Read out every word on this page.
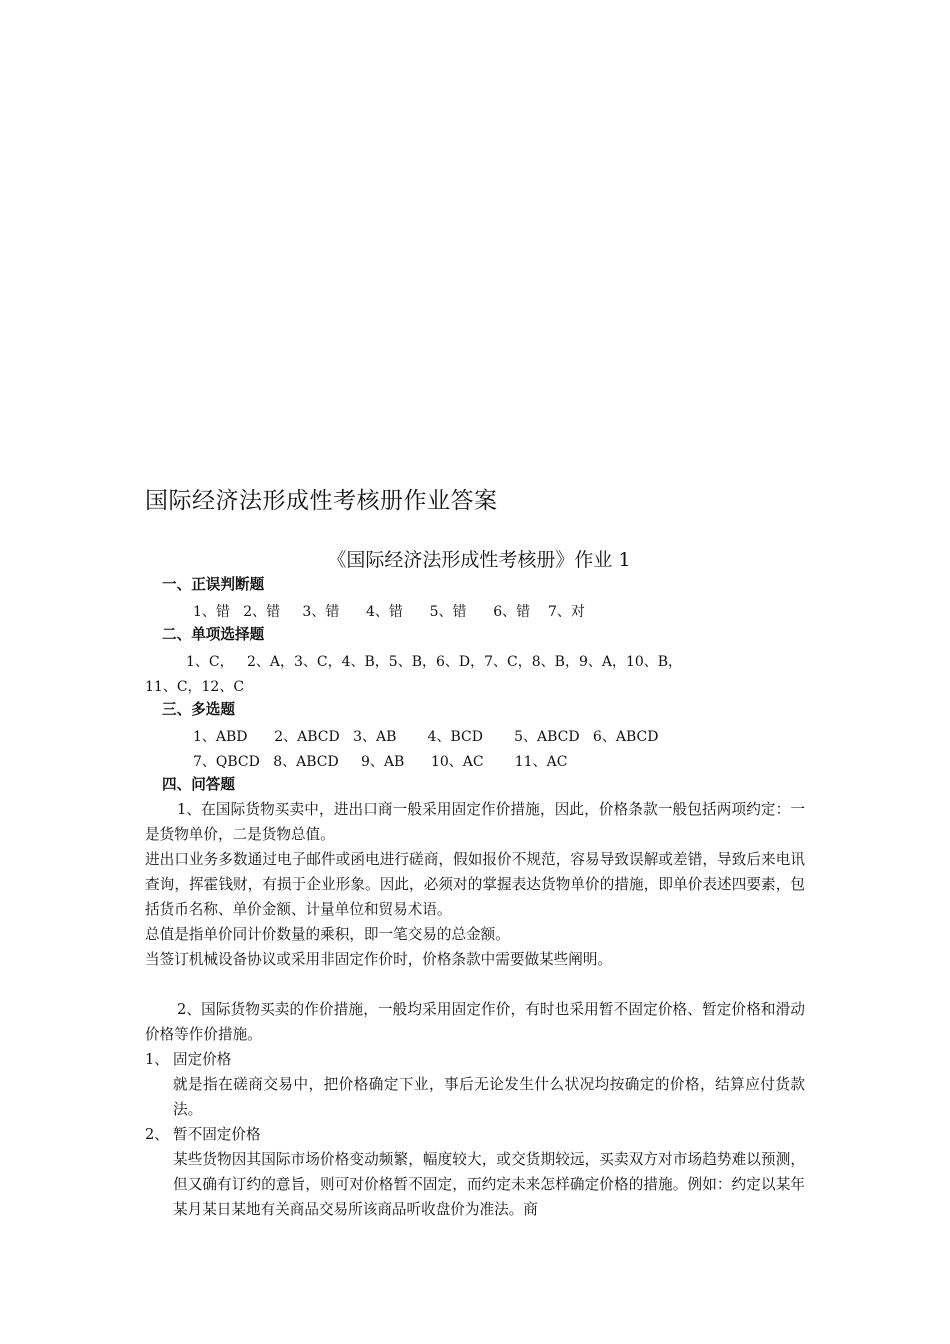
国际经济法形成性考核册作业答案
《国际经济法形成性考核册》作业 1
一、正误判断题
1、错   2、错     3、错      4、错      5、错      6、错    7、对
二、单项选择题
1、C，   2、A，3、C，4、B，5、B，6、D，7、C，8、B，9、A，10、B，
11、C，12、C
三、多选题
1、ABD      2、ABCD   3、AB       4、BCD       5、ABCD   6、ABCD
7、QBCD   8、ABCD     9、AB      10、AC       11、AC
四、问答题
1、在国际货物买卖中，进出口商一般采用固定作价措施，因此，价格条款一般包括两项约定：一是货物单价，二是货物总值。
进出口业务多数通过电子邮件或函电进行磋商，假如报价不规范，容易导致误解或差错，导致后来电讯查询，挥霍钱财，有损于企业形象。因此，必须对的掌握表达货物单价的措施，即单价表述四要素，包括货币名称、单价金额、计量单位和贸易术语。
总值是指单价同计价数量的乘积，即一笔交易的总金额。
当签订机械设备协议或采用非固定作价时，价格条款中需要做某些阐明。
2、国际货物买卖的作价措施，一般均采用固定作价，有时也采用暂不固定价格、暂定价格和滑动价格等作价措施。
1、 固定价格
就是指在磋商交易中，把价格确定下业，事后无论发生什么状况均按确定的价格，结算应付货款法。
2、 暂不固定价格
某些货物因其国际市场价格变动频繁，幅度较大，或交货期较远，买卖双方对市场趋势难以预测，但又确有订约的意旨，则可对价格暂不固定，而约定未来怎样确定价格的措施。例如：约定以某年某月某日某地有关商品交易所该商品听收盘价为准法。商
